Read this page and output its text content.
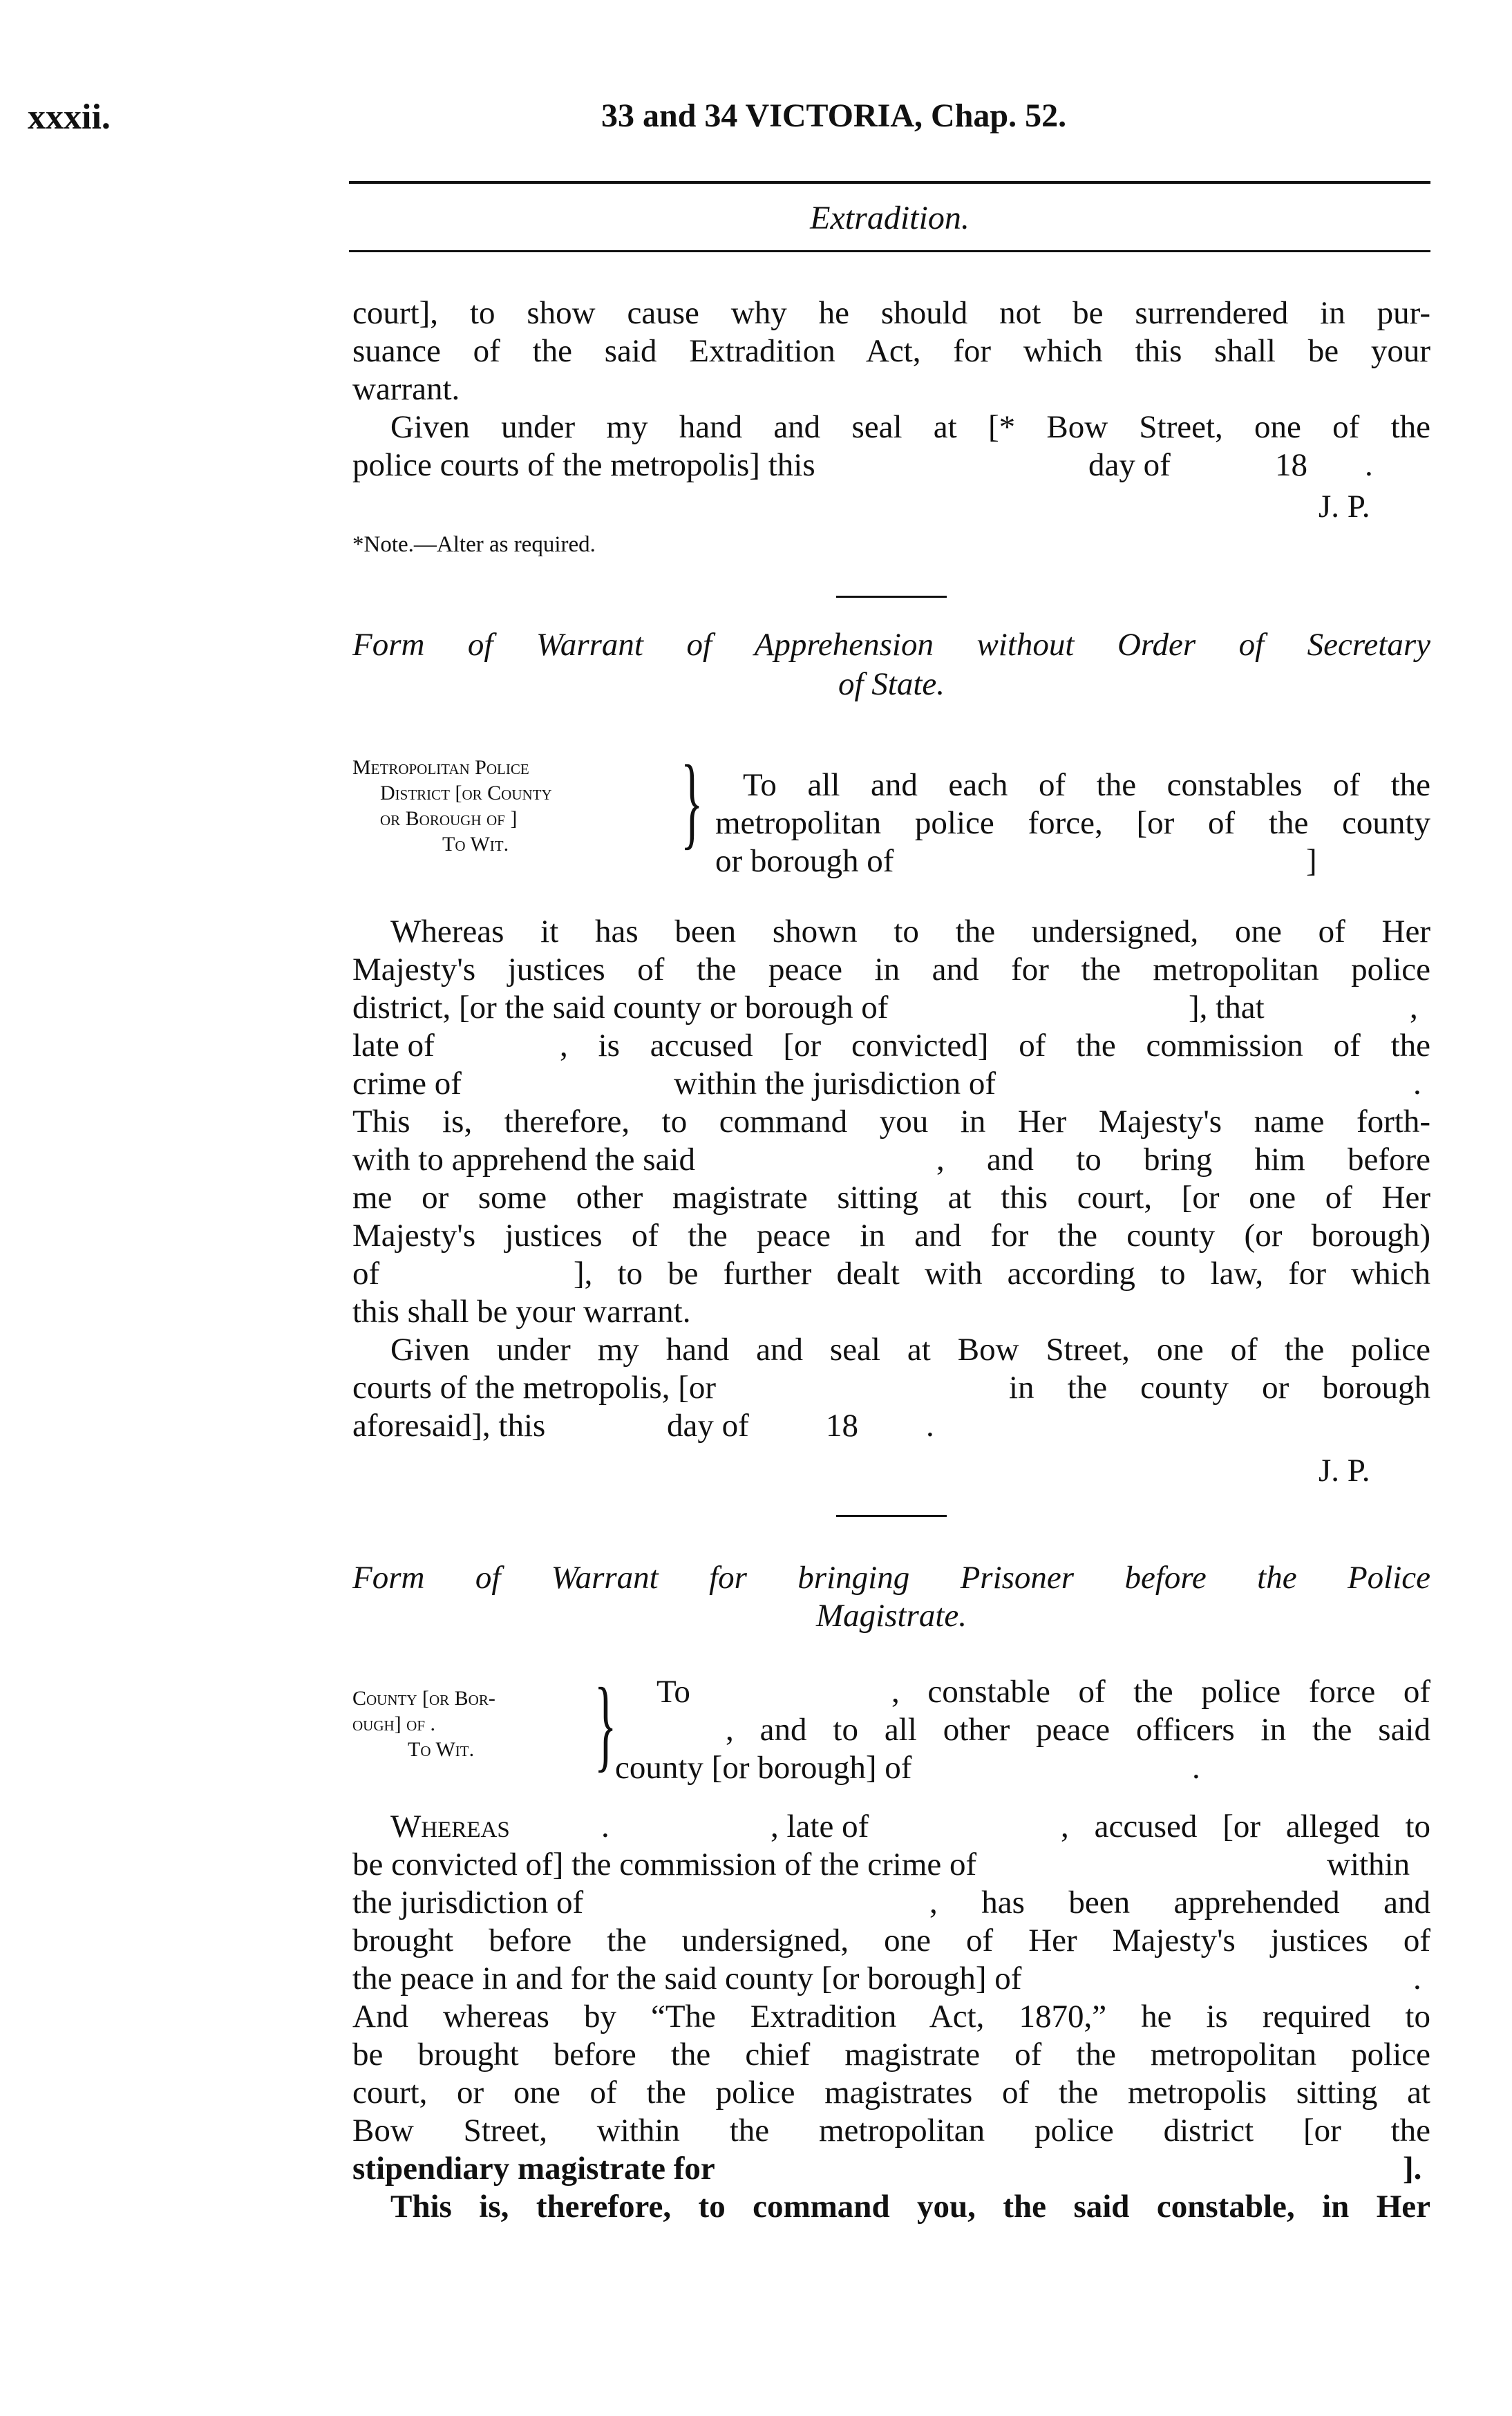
xxxii.	33 and 34 VICTORIA, Chap. 52.
Extradition.
court], to show cause why he should not be surrendered in pur-
suance of the said Extradition Act, for which this shall be your
warrant.
Given under my hand and seal at [* Bow Street, one of the
police courts of the metropolis] this	day of	18 .
J. P.
*Note.—Alter as required.
Form of Warrant of Apprehension without Order of Secretary
of State.
Metropolitan Police
District [or County
or Borough of ]
To Wit. } To all and each of the constables of the
metropolitan police force, [or of the county
or borough of	]
Whereas it has been shown to the undersigned, one of Her
Majesty's justices of the peace in and for the metropolitan police
district, [or the said county or borough of	], that	,
late of	, is accused [or convicted] of the commission of the
crime of	within the jurisdiction of	.
This is, therefore, to command you in Her Majesty's name forth-
with to apprehend the said	, and to bring him before
me or some other magistrate sitting at this court, [or one of Her
Majesty's justices of the peace in and for the county (or borough)
of	], to be further dealt with according to law, for which
this shall be your warrant.
Given under my hand and seal at Bow Street, one of the police
courts of the metropolis, [or	in the county or borough
aforesaid], this	day of 18 .
J. P.
Form of Warrant for bringing Prisoner before the Police
Magistrate.
County [or Bor-
ough] of .
To Wit. } To	, constable of the police force of
, and to all other peace officers in the said
county [or borough] of	.
Whereas	.	, late of	, accused [or alleged to
be convicted of] the commission of the crime of	within
the jurisdiction of	, has been apprehended and
brought before the undersigned, one of Her Majesty's justices of
the peace in and for the said county [or borough] of	.
And whereas by “The Extradition Act, 1870,” he is required to
be brought before the chief magistrate of the metropolitan police
court, or one of the police magistrates of the metropolis sitting at
Bow Street, within the metropolitan police district [or the
stipendiary magistrate for	].
This is, therefore, to command you, the said constable, in Her
